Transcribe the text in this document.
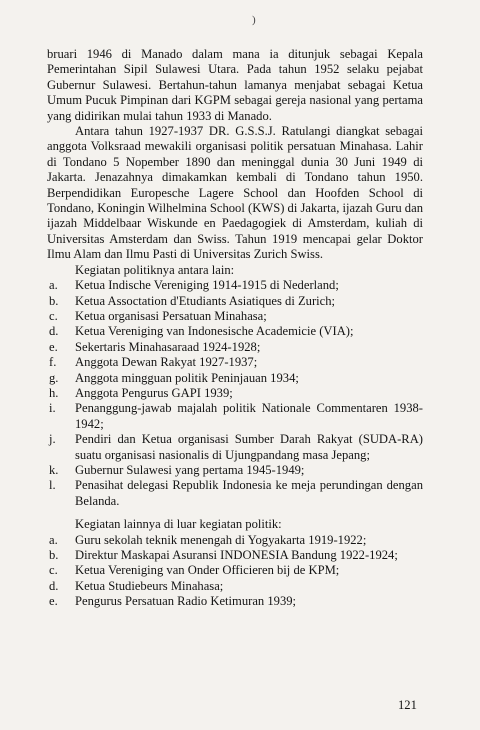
)

bruari 1946 di Manado dalam mana ia ditunjuk sebagai Kepala Pemerintahan Sipil Sulawesi Utara. Pada tahun 1952 selaku pejabat Gubernur Sulawesi. Bertahun-tahun lamanya menjabat sebagai Ketua Umum Pucuk Pimpinan dari KGPM sebagai gereja nasional yang pertama yang didirikan mulai tahun 1933 di Manado.

Antara tahun 1927-1937 DR. G.S.S.J. Ratulangi diangkat sebagai anggota Volksraad mewakili organisasi politik persatuan Minahasa. Lahir di Tondano 5 Nopember 1890 dan meninggal dunia 30 Juni 1949 di Jakarta. Jenazahnya dimakamkan kembali di Tondano tahun 1950. Berpendidikan Europesche Lagere School dan Hoofden School di Tondano, Koningin Wilhelmina School (KWS) di Jakarta, ijazah Guru dan ijazah Middelbaar Wiskunde en Paedagogiek di Amsterdam, kuliah di Universitas Amsterdam dan Swiss. Tahun 1919 mencapai gelar Doktor Ilmu Alam dan Ilmu Pasti di Universitas Zurich Swiss.

Kegiatan politiknya antara lain:

a. Ketua Indische Vereniging 1914-1915 di Nederland;
b. Ketua Assoctation d'Etudiants Asiatiques di Zurich;
c. Ketua organisasi Persatuan Minahasa;
d. Ketua Vereniging van Indonesische Academicie (VIA);
e. Sekertaris Minahasaraad 1924-1928;
f. Anggota Dewan Rakyat 1927-1937;
g. Anggota mingguan politik Peninjauan 1934;
h. Anggota Pengurus GAPI 1939;
i. Penanggung-jawab majalah politik Nationale Commentaren 1938-1942;
j. Pendiri dan Ketua organisasi Sumber Darah Rakyat (SUDA-RA) suatu organisasi nasionalis di Ujungpandang masa Jepang;
k. Gubernur Sulawesi yang pertama 1945-1949;
l. Penasihat delegasi Republik Indonesia ke meja perundingan dengan Belanda.

Kegiatan lainnya di luar kegiatan politik:

a. Guru sekolah teknik menengah di Yogyakarta 1919-1922;
b. Direktur Maskapai Asuransi INDONESIA Bandung 1922-1924;
c. Ketua Vereniging van Onder Officieren bij de KPM;
d. Ketua Studiebeurs Minahasa;
e. Pengurus Persatuan Radio Ketimuran 1939;
121
